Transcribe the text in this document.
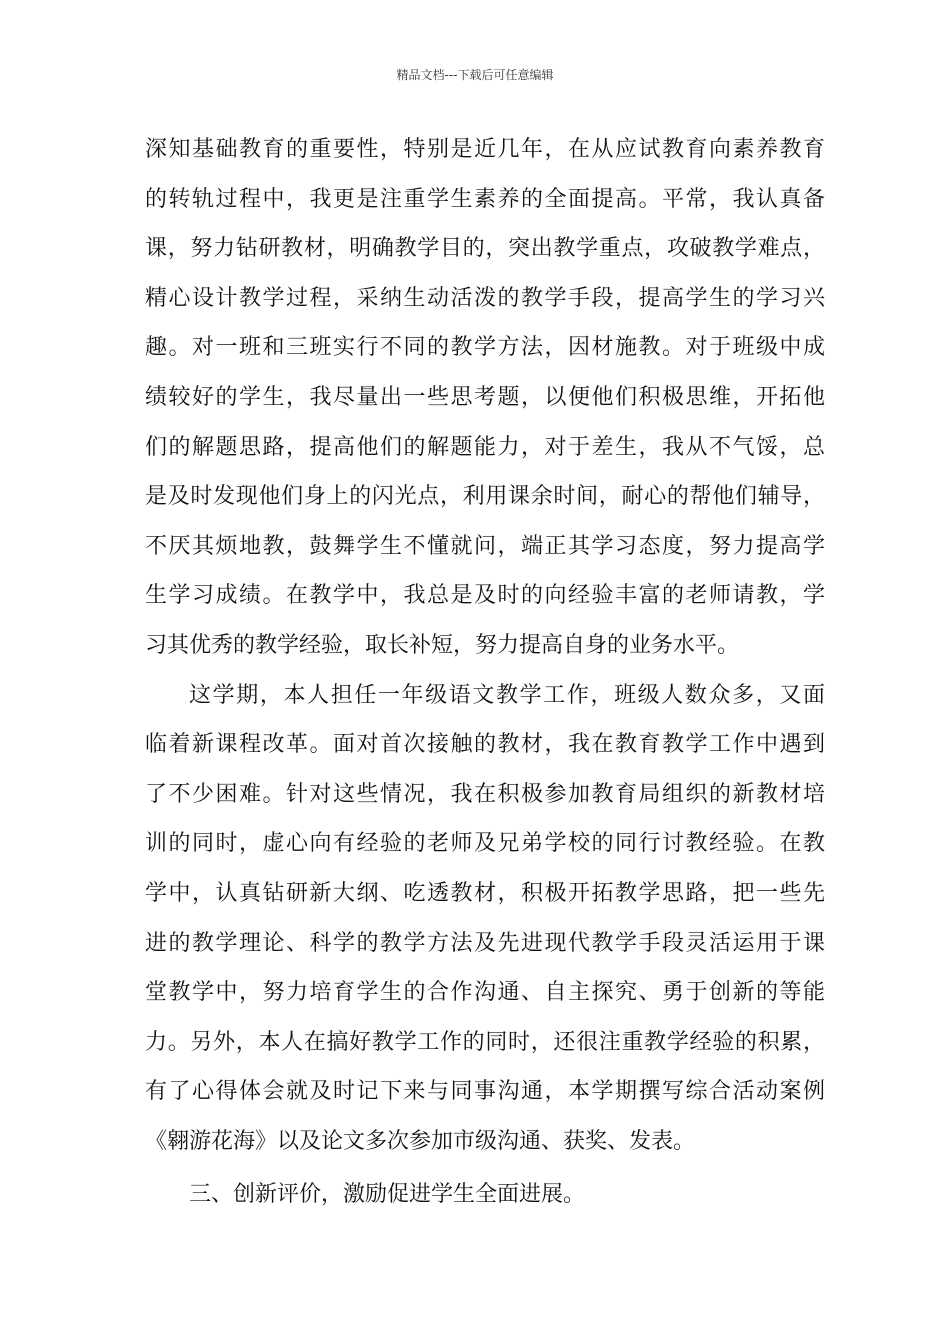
精品文档---下载后可任意编辑
深知基础教育的重要性，特别是近几年，在从应试教育向素养教育
的转轨过程中，我更是注重学生素养的全面提高。平常，我认真备
课，努力钻研教材，明确教学目的，突出教学重点，攻破教学难点，
精心设计教学过程，采纳生动活泼的教学手段，提高学生的学习兴
趣。对一班和三班实行不同的教学方法，因材施教。对于班级中成
绩较好的学生，我尽量出一些思考题，以便他们积极思维，开拓他
们的解题思路，提高他们的解题能力，对于差生，我从不气馁，总
是及时发现他们身上的闪光点，利用课余时间，耐心的帮他们辅导，
不厌其烦地教，鼓舞学生不懂就问，端正其学习态度，努力提高学
生学习成绩。在教学中，我总是及时的向经验丰富的老师请教，学
习其优秀的教学经验，取长补短，努力提高自身的业务水平。
这学期，本人担任一年级语文教学工作，班级人数众多，又面
临着新课程改革。面对首次接触的教材，我在教育教学工作中遇到
了不少困难。针对这些情况，我在积极参加教育局组织的新教材培
训的同时，虚心向有经验的老师及兄弟学校的同行讨教经验。在教
学中，认真钻研新大纲、吃透教材，积极开拓教学思路，把一些先
进的教学理论、科学的教学方法及先进现代教学手段灵活运用于课
堂教学中，努力培育学生的合作沟通、自主探究、勇于创新的等能
力。另外，本人在搞好教学工作的同时，还很注重教学经验的积累，
有了心得体会就及时记下来与同事沟通，本学期撰写综合活动案例
《翱游花海》以及论文多次参加市级沟通、获奖、发表。
三、创新评价，激励促进学生全面进展。
